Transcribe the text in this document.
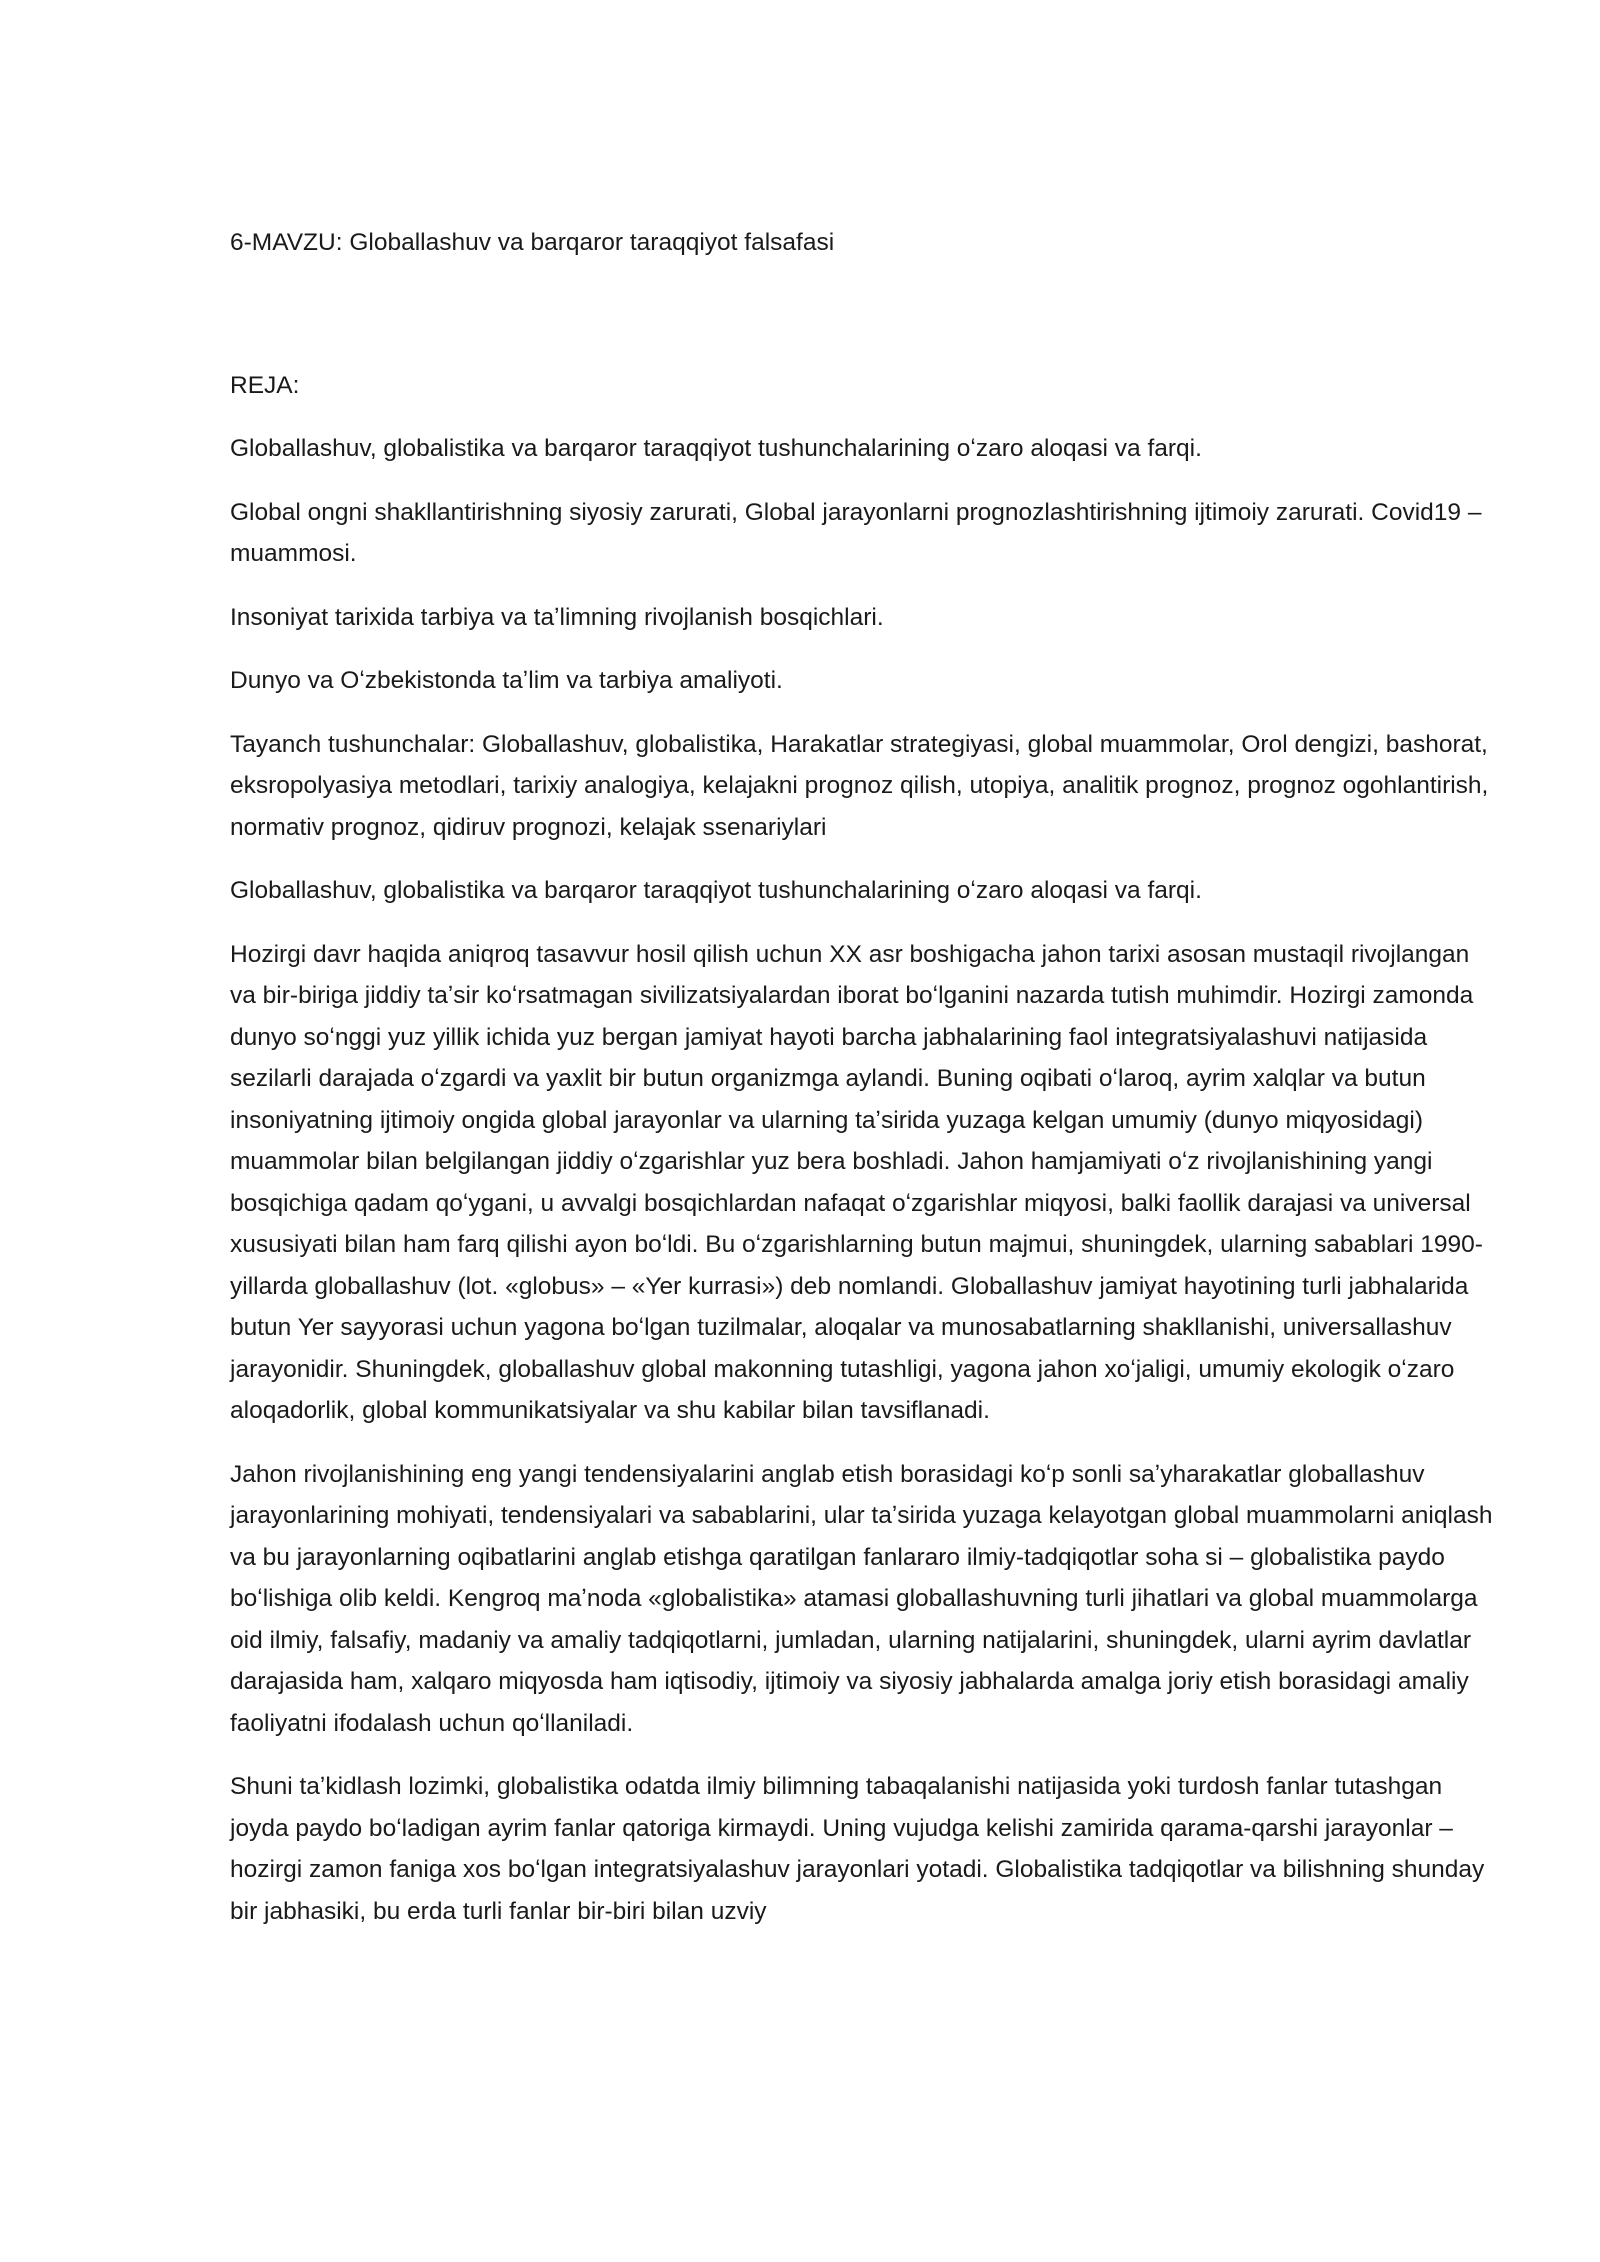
6-MAVZU: Globallashuv va barqaror taraqqiyot falsafasi

REJA:

Globallashuv, globalistika va barqaror taraqqiyot tushunchalarining oʻzaro aloqasi va farqi.

Global ongni shakllantirishning siyosiy zarurati, Global jarayonlarni prognozlashtirishning ijtimoiy zarurati. Covid19 – muammosi.

Insoniyat tarixida tarbiya va taʼlimning rivojlanish bosqichlari.

Dunyo va Oʻzbekistonda taʼlim va tarbiya amaliyoti.

Tayanch tushunchalar: Globallashuv, globalistika, Harakatlar strategiyasi, global muammolar, Orol dengizi, bashorat, eksropolyasiya metodlari, tarixiy analogiya, kelajakni prognoz qilish, utopiya, analitik prognoz, prognoz ogohlantirish, normativ prognoz, qidiruv prognozi, kelajak ssenariylari

Globallashuv, globalistika va barqaror taraqqiyot tushunchalarining oʻzaro aloqasi va farqi.

Hozirgi davr haqida aniqroq tasavvur hosil qilish uchun XX asr boshigacha jahon tarixi asosan mustaqil rivojlangan va bir-biriga jiddiy taʼsir koʻrsatmagan sivilizatsiyalardan iborat boʻlganini nazarda tutish muhimdir. Hozirgi zamonda dunyo soʻnggi yuz yillik ichida yuz bergan jamiyat hayoti barcha jabhalarining faol integratsiyalashuvi natijasida sezilarli darajada oʻzgardi va yaxlit bir butun organizmga aylandi. Buning oqibati oʻlaroq, ayrim xalqlar va butun insoniyatning ijtimoiy ongida global jarayonlar va ularning taʼsirida yuzaga kelgan umumiy (dunyo miqyosidagi) muammolar bilan belgilangan jiddiy oʻzgarishlar yuz bera boshladi. Jahon hamjamiyati oʻz rivojlanishining yangi bosqichiga qadam qoʻygani, u avvalgi bosqichlardan nafaqat oʻzgarishlar miqyosi, balki faollik darajasi va universal xususiyati bilan ham farq qilishi ayon boʻldi. Bu oʻzgarishlarning butun majmui, shuningdek, ularning sabablari 1990-yillarda globallashuv (lot. «globus» – «Yer kurrasi») deb nomlandi. Globallashuv jamiyat hayotining turli jabhalarida butun Yer sayyorasi uchun yagona boʻlgan tuzilmalar, aloqalar va munosabatlarning shakllanishi, universallashuv jarayonidir. Shuningdek, globallashuv global makonning tutashligi, yagona jahon xoʻjaligi, umumiy ekologik oʻzaro aloqadorlik, global kommunikatsiyalar va shu kabilar bilan tavsiflanadi.

Jahon rivojlanishining eng yangi tendensiyalarini anglab etish borasidagi koʻp sonli saʼyharakatlar globallashuv jarayonlarining mohiyati, tendensiyalari va sabablarini, ular taʼsirida yuzaga kelayotgan global muammolarni aniqlash va bu jarayonlarning oqibatlarini anglab etishga qaratilgan fanlararo ilmiy-tadqiqotlar soha si – globalistika paydo boʻlishiga olib keldi. Kengroq maʼnoda «globalistika» atamasi globallashuvning turli jihatlari va global muammolarga oid ilmiy, falsafiy, madaniy va amaliy tadqiqotlarni, jumladan, ularning natijalarini, shuningdek, ularni ayrim davlatlar darajasida ham, xalqaro miqyosda ham iqtisodiy, ijtimoiy va siyosiy jabhalarda amalga joriy etish borasidagi amaliy faoliyatni ifodalash uchun qoʻllaniladi.

Shuni taʼkidlash lozimki, globalistika odatda ilmiy bilimning tabaqalanishi natijasida yoki turdosh fanlar tutashgan joyda paydo boʻladigan ayrim fanlar qatoriga kirmaydi. Uning vujudga kelishi zamirida qarama-qarshi jarayonlar – hozirgi zamon faniga xos boʻlgan integratsiyalashuv jarayonlari yotadi. Globalistika tadqiqotlar va bilishning shunday bir jabhasiki, bu erda turli fanlar bir-biri bilan uzviy
